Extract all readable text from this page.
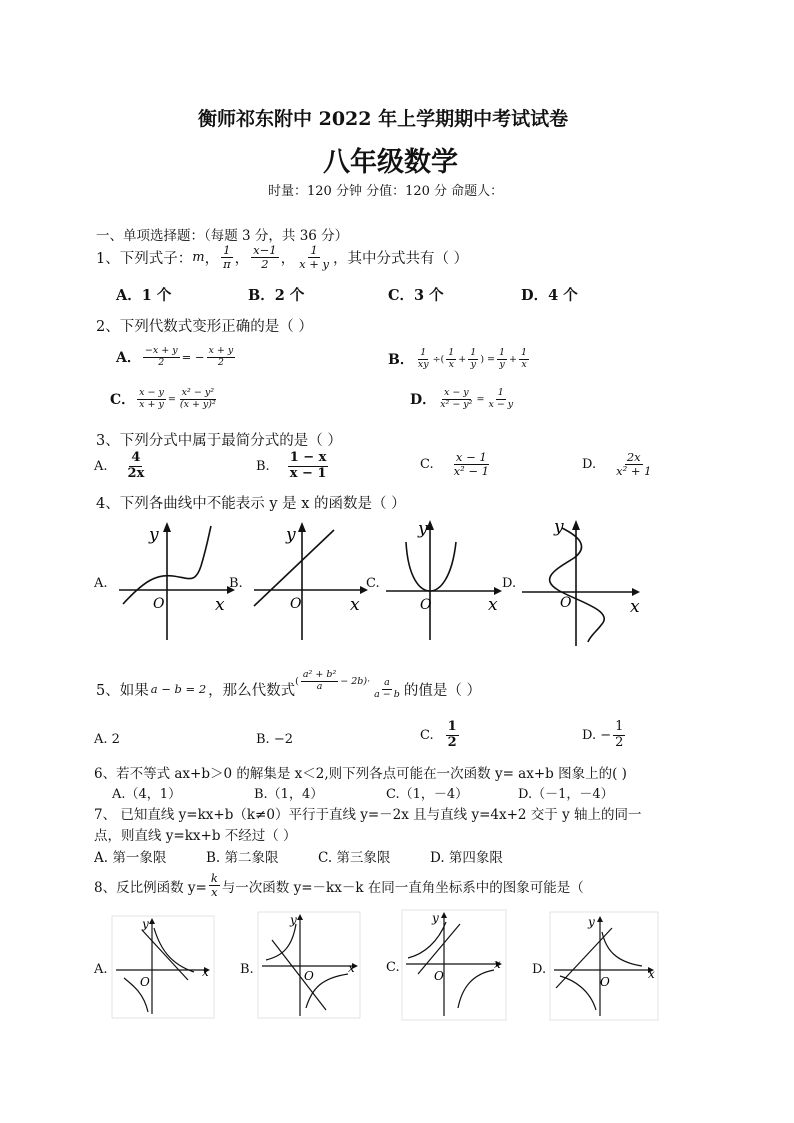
衡师祁东附中 2022 年上学期期中考试试卷
八年级数学
时量：120 分钟 分值：120 分 命题人：
一、单项选择题：（每题 3 分，共 36 分）
1、下列式子： m ， $\frac{1}{\pi}$ ， $\frac{x-1}{2}$ ， $\frac{1}{x + y}$ ，其中分式共有（ ）
A．1 个	B．2 个	C．3 个	D．4 个
2、下列代数式变形正确的是（ ）
A． $\frac{-x + y}{2}$ = − $\frac{x + y}{2}$	B． $\frac{1}{xy}$ ÷( $\frac{1}{x} + \frac{1}{y}$ ) = $\frac{1}{y} + \frac{1}{x}$
C． $\frac{x - y}{x + y} = \frac{\text{x² − y²}}{\text{(x + y)²}}$	D． $\frac{x - y}{\text{x² − y²}} = \frac{1}{x - y}$
3、下列分式中属于最简分式的是（ ）
A. $\frac{4}{2x}$	B. $\frac{1 - x}{x - 1}$	C. $\frac{x - 1}{\text{x² − 1}}$	D. $\frac{2x}{\text{x² + 1}}$
4、下列各曲线中不能表示 y 是 x 的函数是（ ）
A.
y
O	x
B.
y
O	x
C.
y
O	x
D.
y
O	x
5、如果 a − b = 2 ，那么代数式
( $\frac{\text{a² + b²}}{a} - 2b)\cdot \frac{a}{a - b}$ 的值是（ ）
A. 2	B. −2	C. $\frac{1}{2}$	D. − $\frac{1}{2}$
6、若不等式 ax+b＞0 的解集是 x＜2,则下列各点可能在一次函数 y= ax+b 图象上的( )
A.（4，1）	B.（1，4）	C.（1，－4）	D.（－1，－4）
7、 已知直线 y=kx+b（k≠0）平行于直线 y=－2x 且与直线 y=4x+2 交于 y 轴上的同一
点，则直线 y=kx+b 不经过（ ）
A. 第一象限	B. 第二象限	C. 第三象限	D. 第四象限
8、反比例函数 $y= \frac{k}{x}$ 与一次函数 y=－kx－k 在同一直角坐标系中的图象可能是（
A.
y
O
x B.
y
O
x C.
y
O
x D.
y
O
x
